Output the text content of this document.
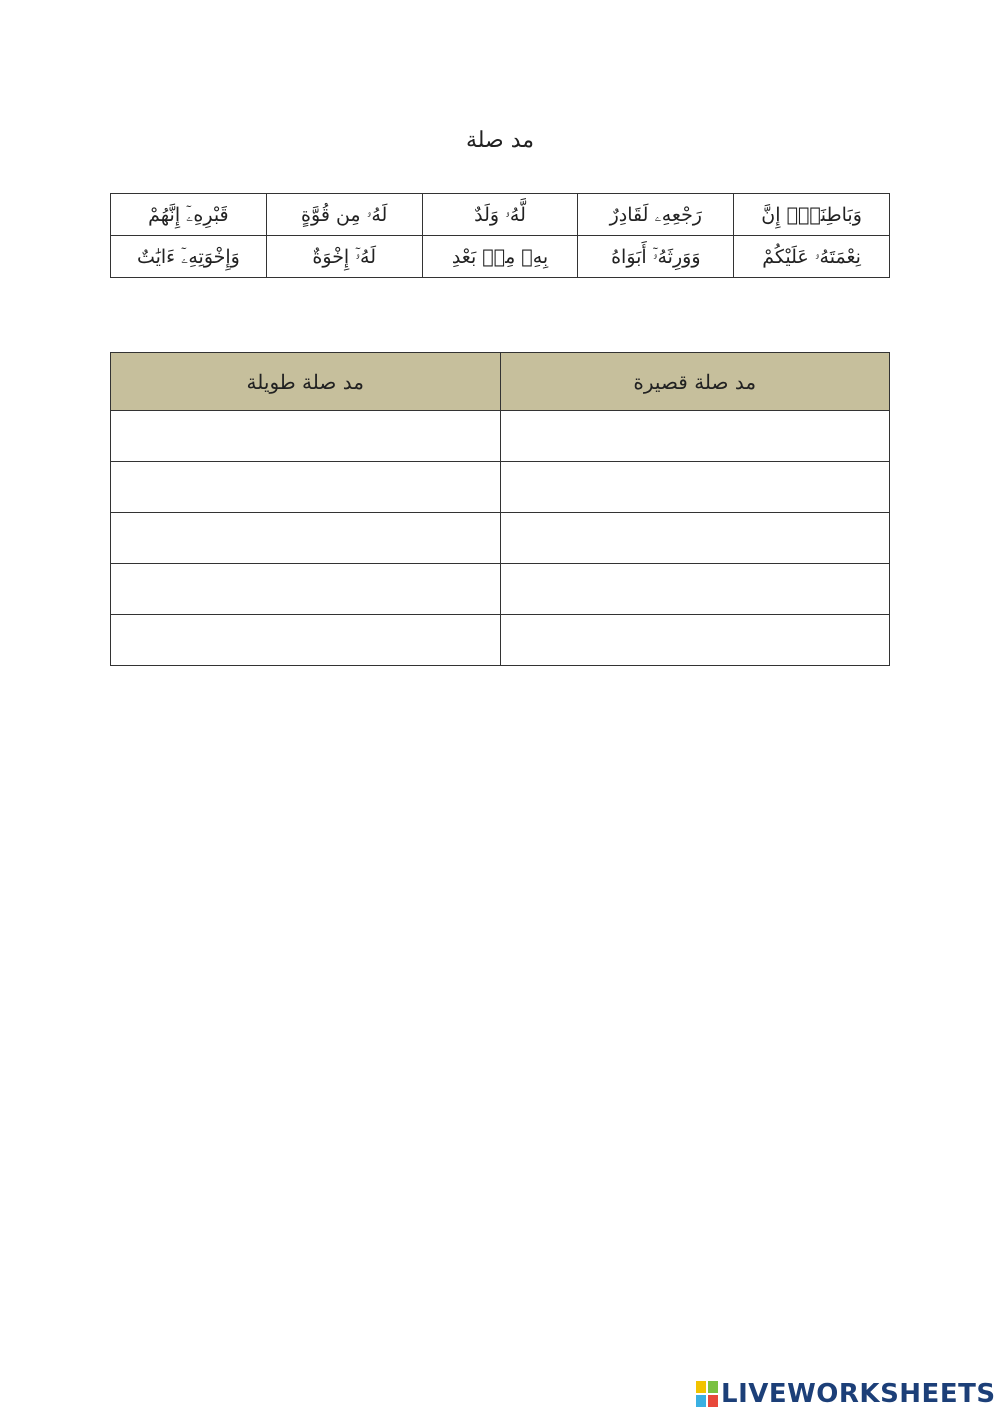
مد صلة
وَبَاطِنَةًۗ إِنَّ	رَجْعِهِۦ لَقَادِرٌ	لَّهُۥ وَلَدٌ	لَهُۥ مِن قُوَّةٍ	قَبْرِهِۦٓ إِنَّهُمْ
نِعْمَتَهُۥ عَلَيْكُمْ	وَوَرِثَهُۥٓ أَبَوَاهُ	بِهِۦ مِنۢ بَعْدِ	لَهُۥٓ إِخْوَةٌ	وَإِخْوَتِهِۦٓ ءَايَٰتٌ
مد صلة قصيرة	مد صلة طويلة

LIVEWORKSHEETS
